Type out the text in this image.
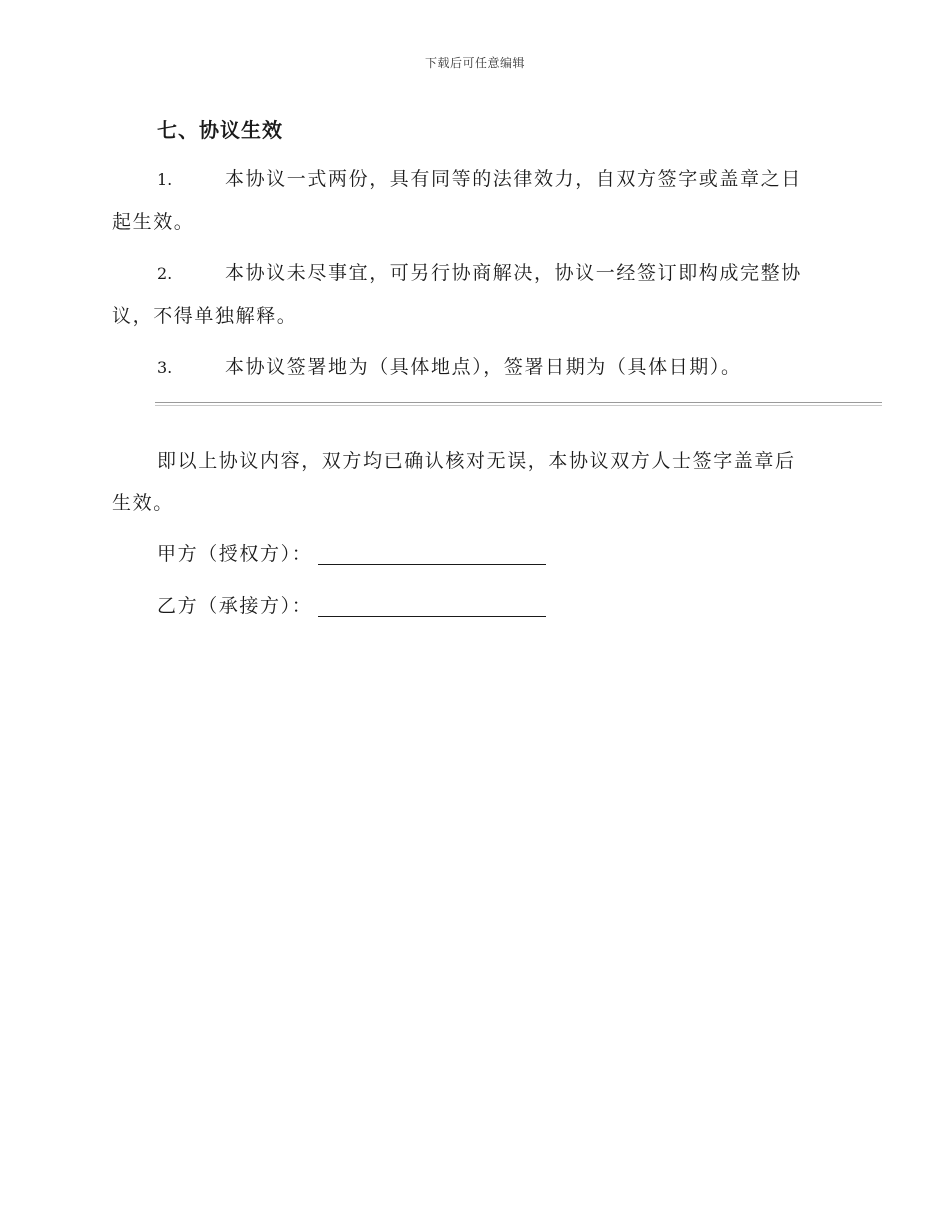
下载后可任意编辑
七、协议生效
1.	本协议一式两份，具有同等的法律效力，自双方签字或盖章之日
起生效。
2.	本协议未尽事宜，可另行协商解决，协议一经签订即构成完整协
议，不得单独解释。
3.	本协议签署地为（具体地点），签署日期为（具体日期）。
即以上协议内容，双方均已确认核对无误，本协议双方人士签字盖章后
生效。
甲方（授权方）：
乙方（承接方）：
